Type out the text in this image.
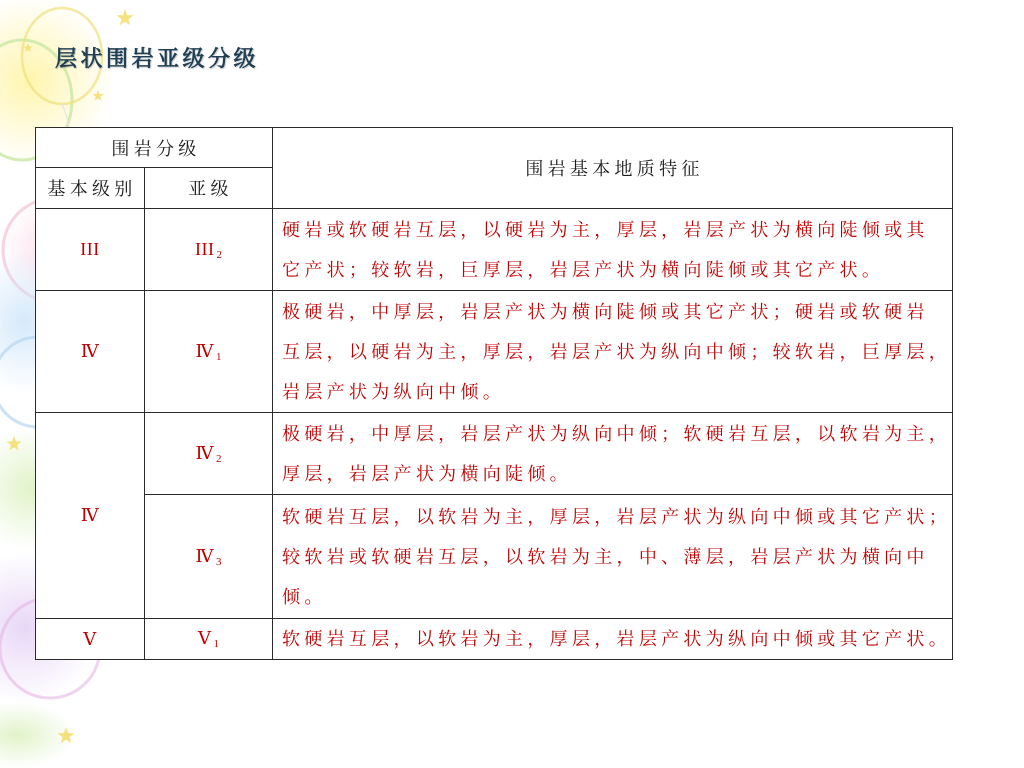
层状围岩亚级分级
围岩分级		围岩基本地质特征
基本级别	亚级	
III	III $_2$	硬岩或软硬岩互层，以硬岩为主，厚层，岩层产状为横向陡倾或其
它产状；较软岩，巨厚层，岩层产状为横向陡倾或其它产状。

Ⅳ	Ⅳ $_1$	极硬岩，中厚层，岩层产状为横向陡倾或其它产状；硬岩或软硬岩
互层，以硬岩为主，厚层，岩层产状为纵向中倾；较软岩，巨厚层，
岩层产状为纵向中倾。

Ⅳ	Ⅳ $_2$	极硬岩，中厚层，岩层产状为纵向中倾；软硬岩互层，以软岩为主，
厚层，岩层产状为横向陡倾。

	Ⅳ $_3$	软硬岩互层，以软岩为主，厚层，岩层产状为纵向中倾或其它产状；
较软岩或软硬岩互层，以软岩为主，中、薄层，岩层产状为横向中
倾。

Ⅴ	Ⅴ $_1$	软硬岩互层，以软岩为主，厚层，岩层产状为纵向中倾或其它产状。
